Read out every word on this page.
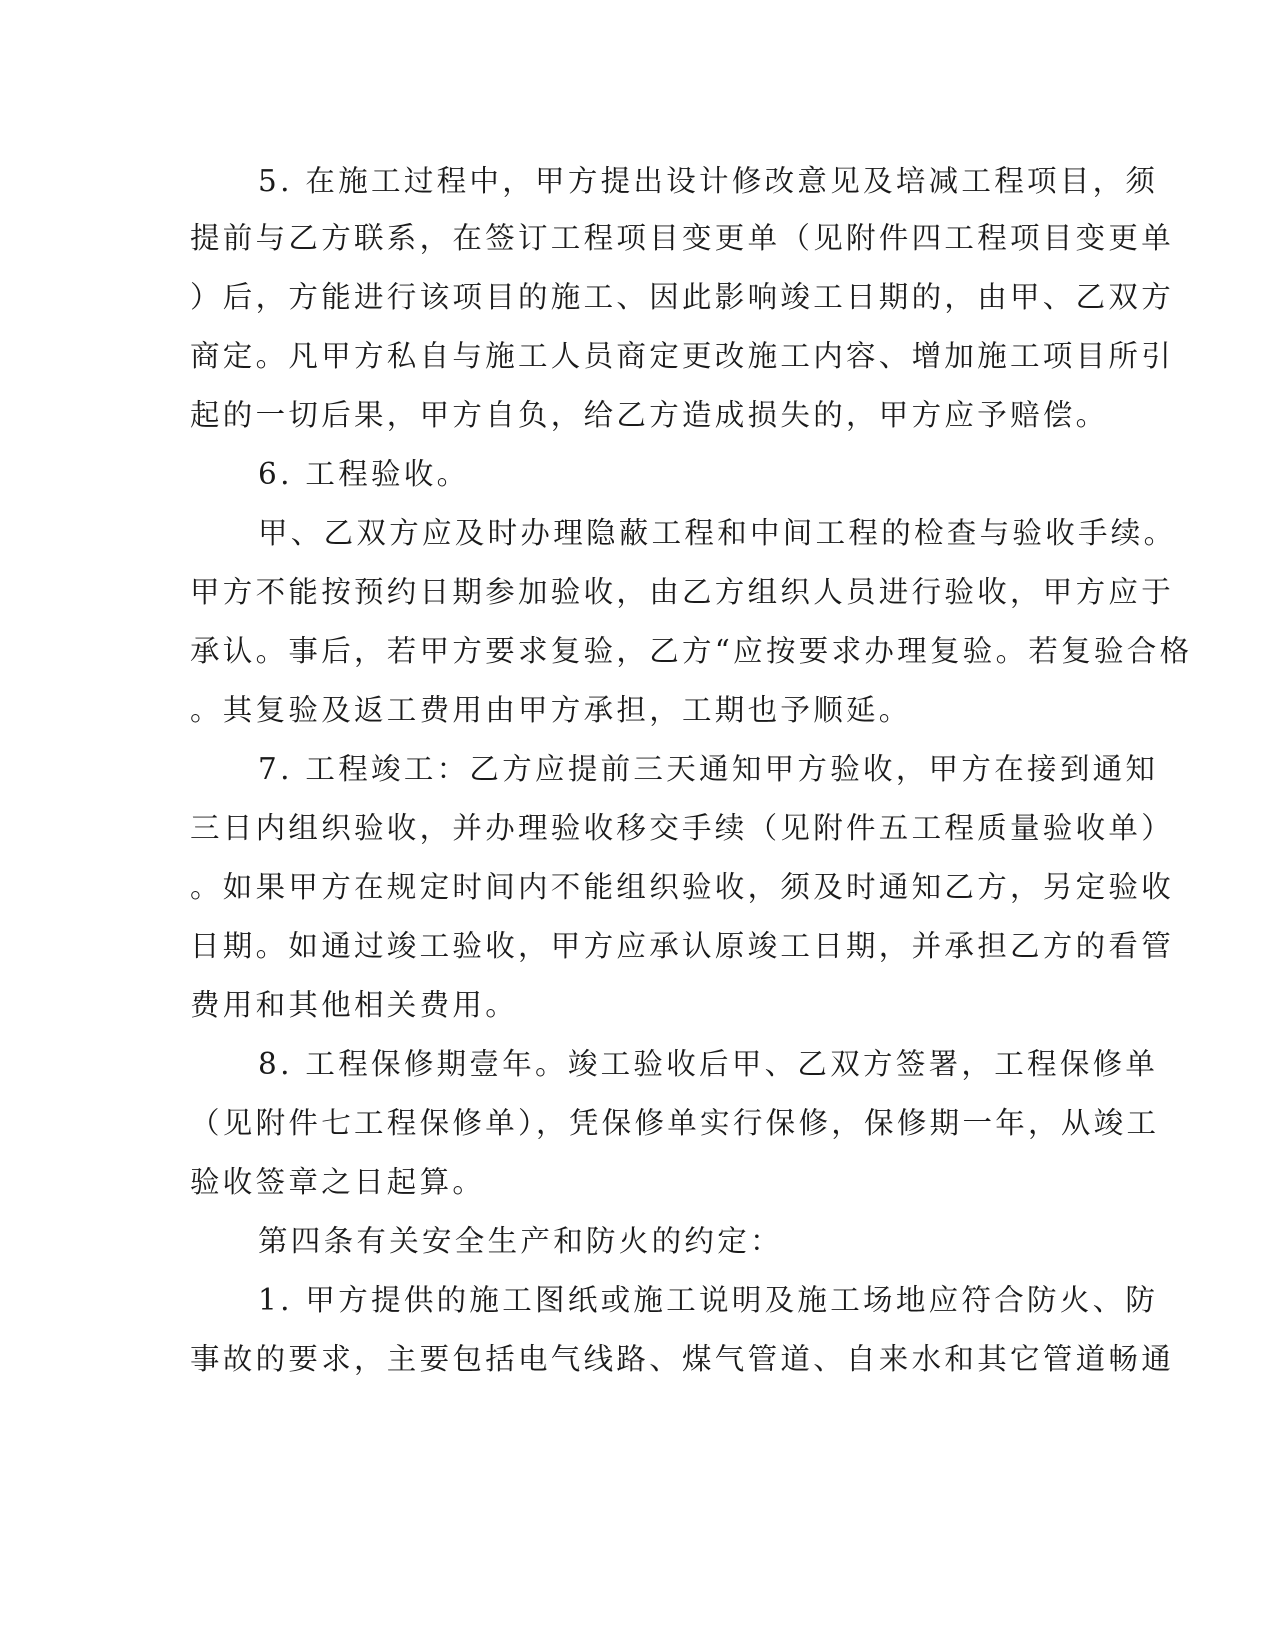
5. 在施工过程中，甲方提出设计修改意见及培减工程项目，须

提前与乙方联系，在签订工程项目变更单（见附件四工程项目变更单

）后，方能进行该项目的施工、因此影响竣工日期的，由甲、乙双方

商定。凡甲方私自与施工人员商定更改施工内容、增加施工项目所引

起的一切后果，甲方自负，给乙方造成损失的，甲方应予赔偿。

6. 工程验收。

甲、乙双方应及时办理隐蔽工程和中间工程的检查与验收手续。

甲方不能按预约日期参加验收，由乙方组织人员进行验收，甲方应于

承认。事后，若甲方要求复验，乙方“应按要求办理复验。若复验合格

。其复验及返工费用由甲方承担，工期也予顺延。

7. 工程竣工：乙方应提前三天通知甲方验收，甲方在接到通知

三日内组织验收，并办理验收移交手续（见附件五工程质量验收单）

。如果甲方在规定时间内不能组织验收，须及时通知乙方，另定验收

日期。如通过竣工验收，甲方应承认原竣工日期，并承担乙方的看管

费用和其他相关费用。

8. 工程保修期壹年。竣工验收后甲、乙双方签署，工程保修单

（见附件七工程保修单），凭保修单实行保修，保修期一年，从竣工

验收签章之日起算。

第四条有关安全生产和防火的约定：

1. 甲方提供的施工图纸或施工说明及施工场地应符合防火、防

事故的要求，主要包括电气线路、煤气管道、自来水和其它管道畅通
